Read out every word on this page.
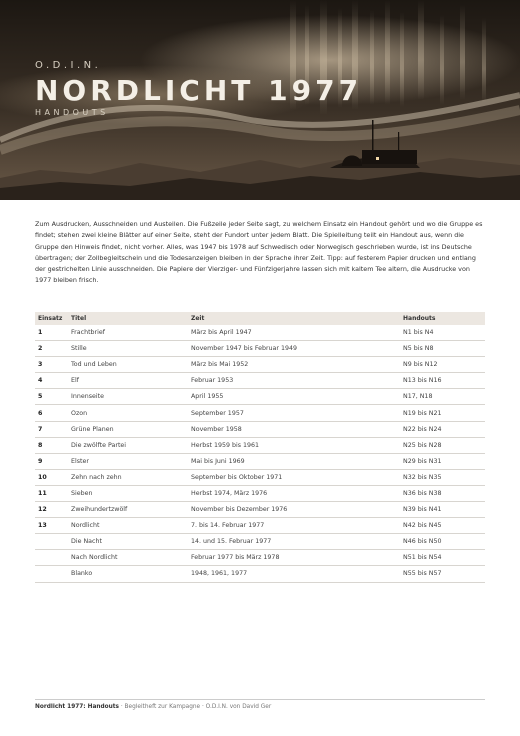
O.D.I.N.
NORDLICHT 1977
HANDOUTS

Zum Ausdrucken, Ausschneiden und Austeilen. Die Fußzeile jeder Seite sagt, zu welchem Einsatz ein Handout gehört und wo die Gruppe es findet; stehen zwei kleine Blätter auf einer Seite, steht der Fundort unter jedem Blatt. Die Spielleitung teilt ein Handout aus, wenn die Gruppe den Hinweis findet, nicht vorher. Alles, was 1947 bis 1978 auf Schwedisch oder Norwegisch geschrieben wurde, ist ins Deutsche übertragen; der Zollbegleitschein und die Todesanzeigen bleiben in der Sprache ihrer Zeit. Tipp: auf festerem Papier drucken und entlang der gestrichelten Linie ausschneiden. Die Papiere der Vierziger- und Fünfzigerjahre lassen sich mit kaltem Tee altern, die Ausdrucke von 1977 bleiben frisch.

Einsatz	Titel	Zeit	Handouts
1	Frachtbrief	März bis April 1947	N1 bis N4
2	Stille	November 1947 bis Februar 1949	N5 bis N8
3	Tod und Leben	März bis Mai 1952	N9 bis N12
4	Elf	Februar 1953	N13 bis N16
5	Innenseite	April 1955	N17, N18
6	Ozon	September 1957	N19 bis N21
7	Grüne Planen	November 1958	N22 bis N24
8	Die zwölfte Partei	Herbst 1959 bis 1961	N25 bis N28
9	Elster	Mai bis Juni 1969	N29 bis N31
10	Zehn nach zehn	September bis Oktober 1971	N32 bis N35
11	Sieben	Herbst 1974, März 1976	N36 bis N38
12	Zweihundertzwölf	November bis Dezember 1976	N39 bis N41
13	Nordlicht	7. bis 14. Februar 1977	N42 bis N45
	Die Nacht	14. und 15. Februar 1977	N46 bis N50
	Nach Nordlicht	Februar 1977 bis März 1978	N51 bis N54
	Blanko	1948, 1961, 1977	N55 bis N57
Nordlicht 1977: Handouts · Begleitheft zur Kampagne · O.D.I.N. von David Ger
